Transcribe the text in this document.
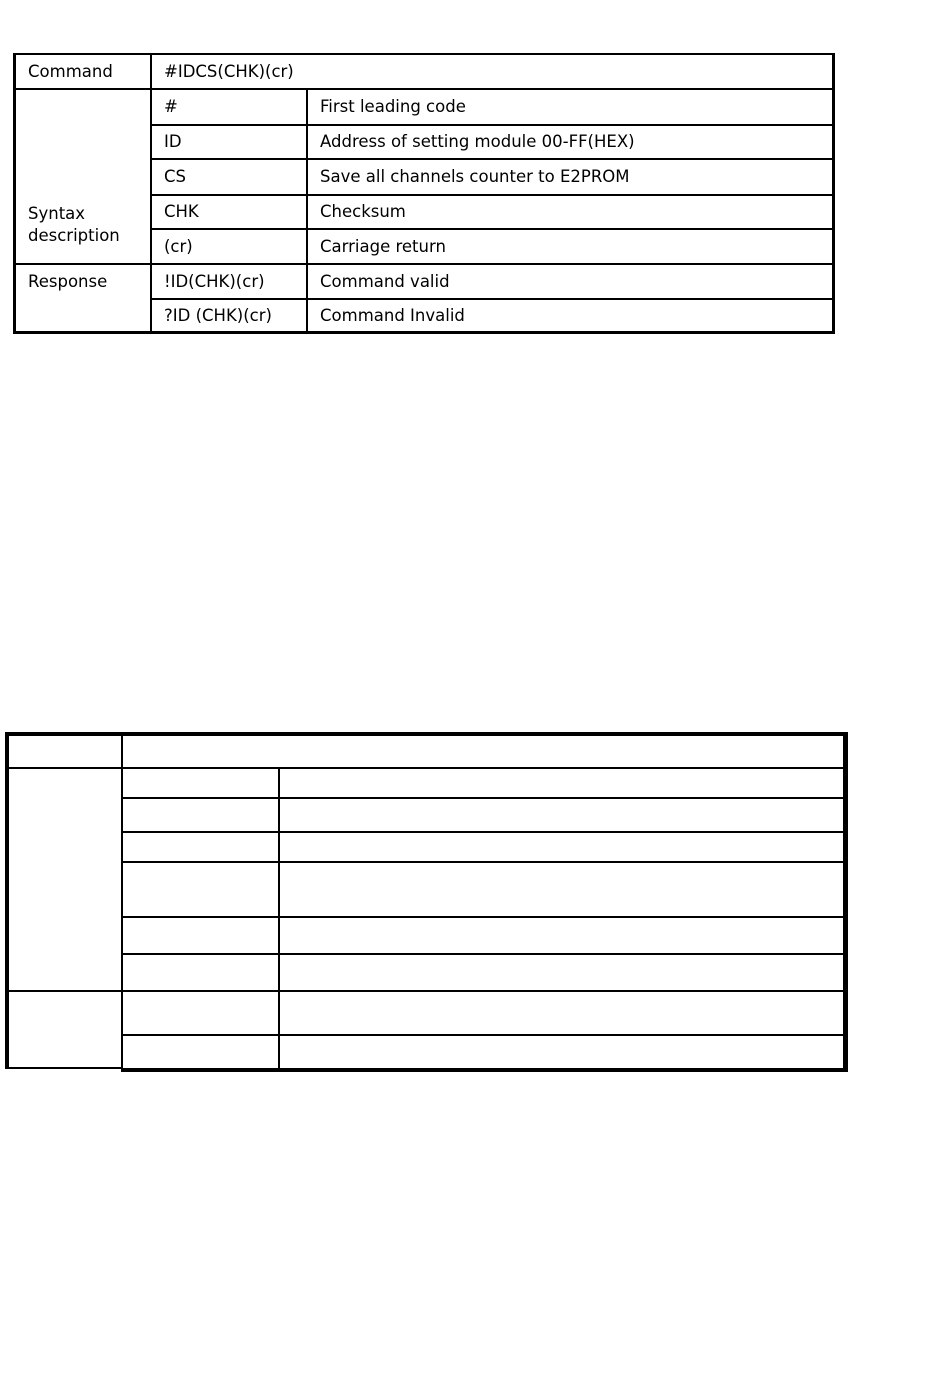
Command	#IDCS(CHK)(cr)
Syntax
description
#	First leading code
ID	Address of setting module 00-FF(HEX)
CS	Save all channels counter to E2PROM
CHK	Checksum
(cr)	Carriage return
Response	!ID(CHK)(cr)	Command valid
?ID (CHK)(cr)	Command Invalid
